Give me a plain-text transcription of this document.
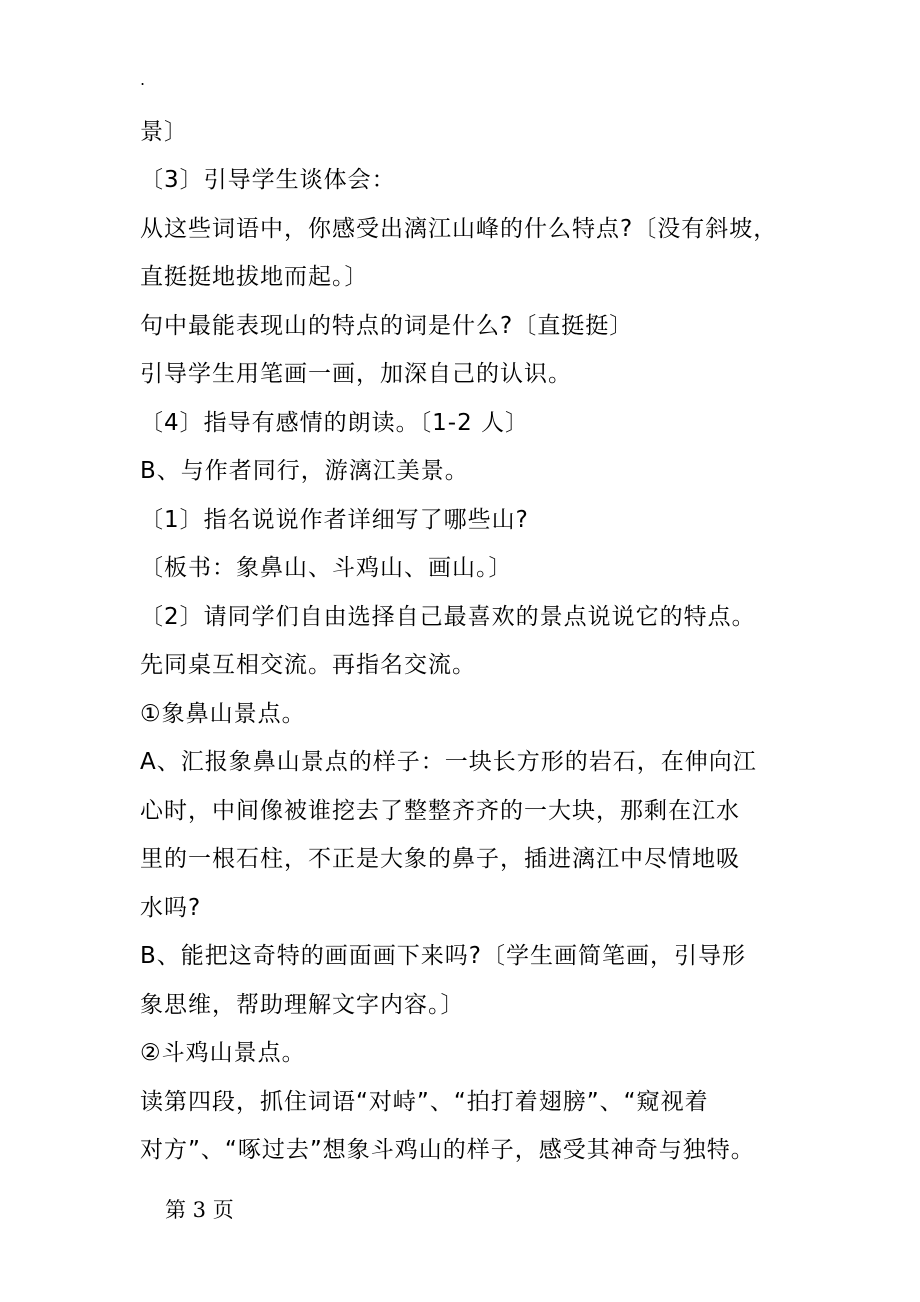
.
景〕
〔3〕引导学生谈体会：
从这些词语中，你感受出漓江山峰的什么特点?〔没有斜坡，
直挺挺地拔地而起。〕
句中最能表现山的特点的词是什么?〔直挺挺〕
引导学生用笔画一画，加深自己的认识。
〔4〕指导有感情的朗读。〔1-2 人〕
B、与作者同行，游漓江美景。
〔1〕指名说说作者详细写了哪些山?
〔板书：象鼻山、斗鸡山、画山。〕
〔2〕请同学们自由选择自己最喜欢的景点说说它的特点。
先同桌互相交流。再指名交流。
①象鼻山景点。
A、汇报象鼻山景点的样子：一块长方形的岩石，在伸向江
心时，中间像被谁挖去了整整齐齐的一大块，那剩在江水
里的一根石柱，不正是大象的鼻子，插进漓江中尽情地吸
水吗?
B、能把这奇特的画面画下来吗?〔学生画简笔画，引导形
象思维，帮助理解文字内容。〕
②斗鸡山景点。
读第四段，抓住词语“对峙”、“拍打着翅膀”、“窥视着
对方”、“啄过去”想象斗鸡山的样子，感受其神奇与独特。
第 3 页
